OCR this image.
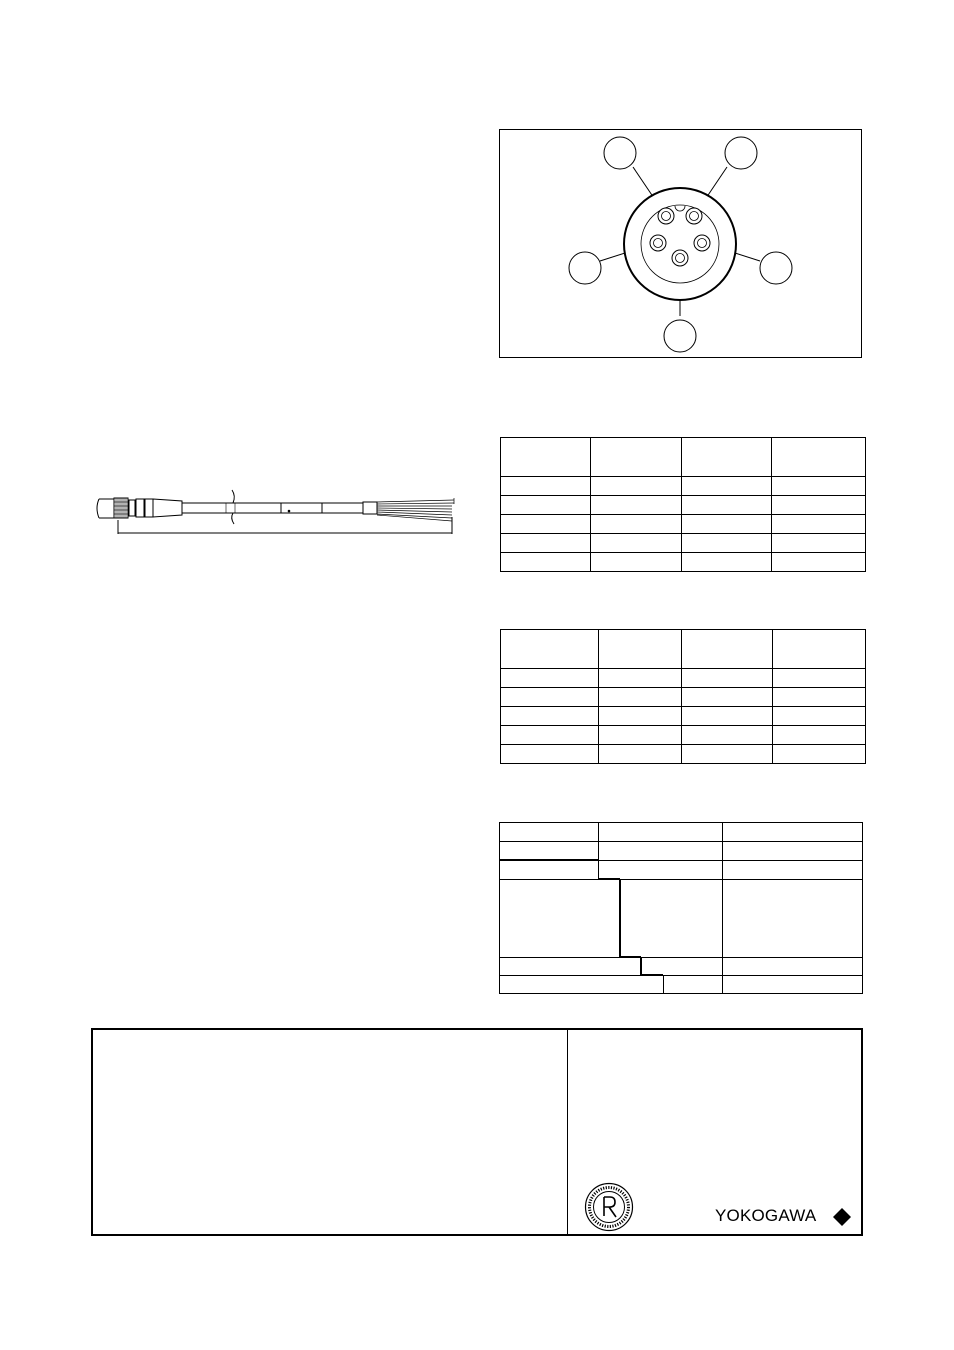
YOKOGAWA
